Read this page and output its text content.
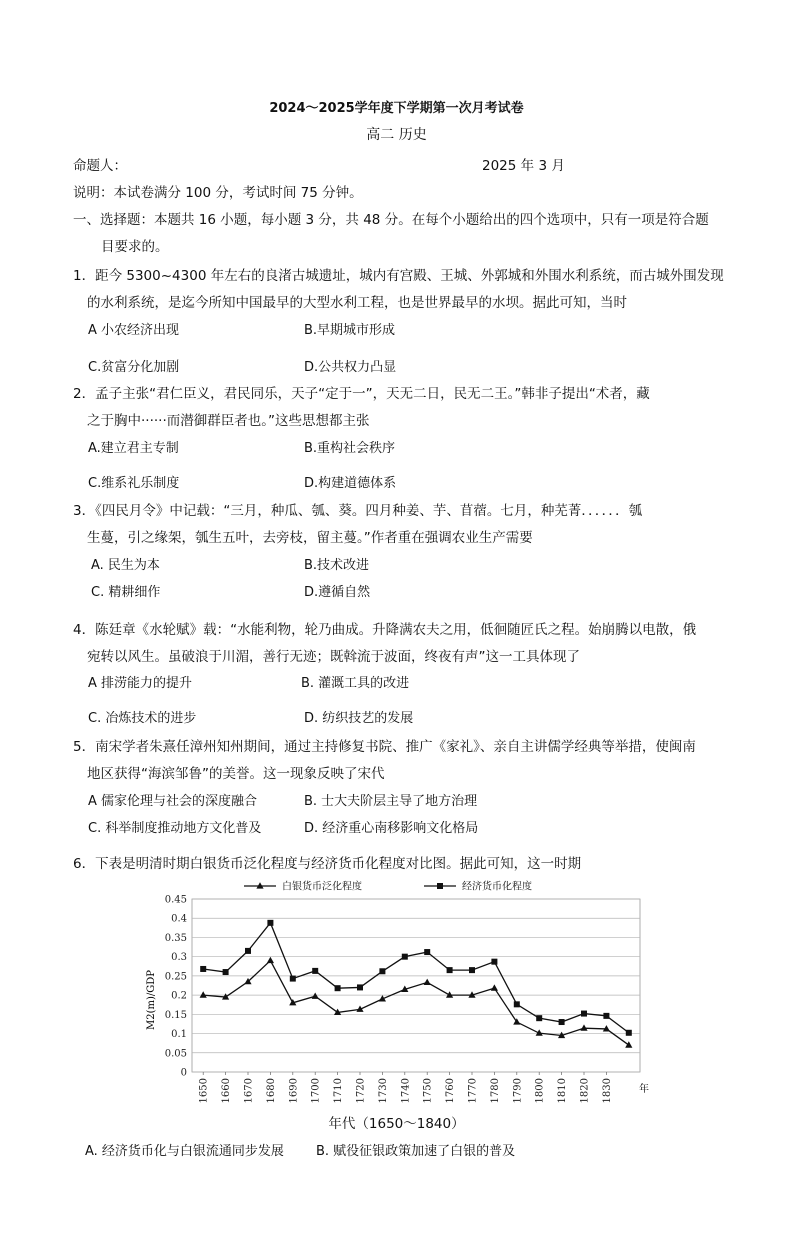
2024～2025学年度下学期第一次月考试卷
高二 历史
命题人：	2025 年 3 月
说明：本试卷满分 100 分，考试时间 75 分钟。
一、选择题：本题共 16 小题，每小题 3 分，共 48 分。在每个小题给出的四个选项中，只有一项是符合题
目要求的。
1．距今 5300~4300 年左右的良渚古城遗址，城内有宫殿、王城、外郭城和外围水利系统，而古城外围发现
的水利系统，是迄今所知中国最早的大型水利工程，也是世界最早的水坝。据此可知，当时
A 小农经济出现	B.早期城市形成
C.贫富分化加剧	D.公共权力凸显
2．孟子主张“君仁臣义，君民同乐，天子“定于一”，天无二日，民无二王。”韩非子提出“术者，藏
之于胸中······而潜御群臣者也。”这些思想都主张
A.建立君主专制	B.重构社会秩序
C.维系礼乐制度	D.构建道德体系
3．《四民月令》中记载：“三月，种瓜、瓠、葵。四月种姜、芋、苜蓿。七月，种芜菁．．．．．．瓠
生蔓，引之缘架，瓠生五叶，去旁枝，留主蔓。”作者重在强调农业生产需要
A. 民生为本	B.技术改进
C. 精耕细作	D.遵循自然
4．陈廷章《水轮赋》载：“水能利物，轮乃曲成。升降满农夫之用，低徊随匠氏之程。始崩腾以电散，俄
宛转以风生。虽破浪于川湄，善行无迹；既斡流于波面，终夜有声”这一工具体现了
A 排涝能力的提升	B. 灌溉工具的改进
C. 冶炼技术的进步	D. 纺织技艺的发展
5．南宋学者朱熹任漳州知州期间，通过主持修复书院、推广《家礼》、亲自主讲儒学经典等举措，使闽南
地区获得“海滨邹鲁”的美誉。这一现象反映了宋代
A 儒家伦理与社会的深度融合	B. 士大夫阶层主导了地方治理
C. 科举制度推动地方文化普及	D. 经济重心南移影响文化格局
6．下表是明清时期白银货币泛化程度与经济货币化程度对比图。据此可知，这一时期
白银货币泛化程度	经济货币化程度
0
0.05
0.1
0.15
0.2
0.25
0.3
0.35
0.4
0.45
1650 1660 1670 1680 1690 1700 1710 1720 1730 1740 1750 1760 1770 1780 1790 1800 1810 1820 1830
M2(m)/GDP
年
年代（1650～1840）
A. 经济货币化与白银流通同步发展 B. 赋役征银政策加速了白银的普及
